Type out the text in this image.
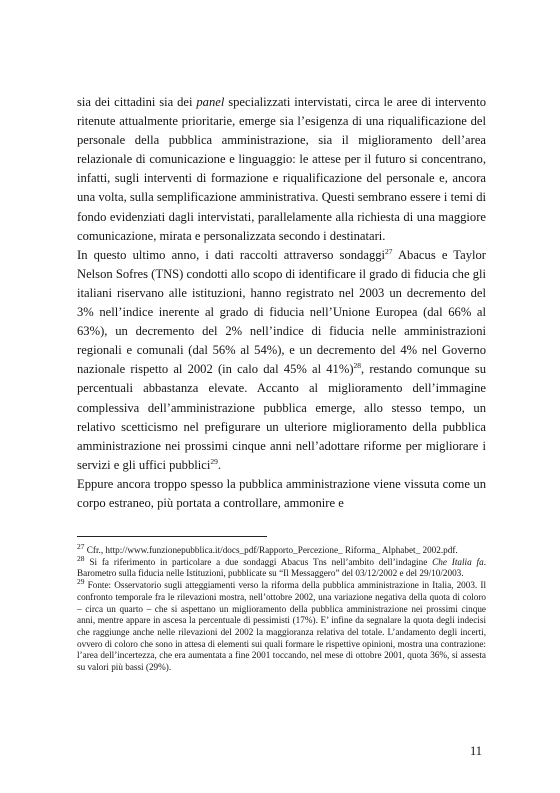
sia dei cittadini sia dei panel specializzati intervistati, circa le aree di intervento ritenute attualmente prioritarie, emerge sia l’esigenza di una riqualificazione del personale della pubblica amministrazione, sia il miglioramento dell’area relazionale di comunicazione e linguaggio: le attese per il futuro si concentrano, infatti, sugli interventi di formazione e riqualificazione del personale e, ancora una volta, sulla semplificazione amministrativa. Questi sembrano essere i temi di fondo evidenziati dagli intervistati, parallelamente alla richiesta di una maggiore comunicazione, mirata e personalizzata secondo i destinatari.

In questo ultimo anno, i dati raccolti attraverso sondaggi$^{27}$ Abacus e Taylor Nelson Sofres (TNS) condotti allo scopo di identificare il grado di fiducia che gli italiani riservano alle istituzioni, hanno registrato nel 2003 un decremento del 3% nell’indice inerente al grado di fiducia nell’Unione Europea (dal 66% al 63%), un decremento del 2% nell’indice di fiducia nelle amministrazioni regionali e comunali (dal 56% al 54%), e un decremento del 4% nel Governo nazionale rispetto al 2002 (in calo dal 45% al 41%)$^{28}$, restando comunque su percentuali abbastanza elevate. Accanto al miglioramento dell’immagine complessiva dell’amministrazione pubblica emerge, allo stesso tempo, un relativo scetticismo nel prefigurare un ulteriore miglioramento della pubblica amministrazione nei prossimi cinque anni nell’adottare riforme per migliorare i servizi e gli uffici pubblici$^{29}$.

Eppure ancora troppo spesso la pubblica amministrazione viene vissuta come un corpo estraneo, più portata a controllare, ammonire e

$^{27}$ Cfr., http://www.funzionepubblica.it/docs_pdf/Rapporto_Percezione_ Riforma_ Alphabet_ 2002.pdf.

$^{28}$ Si fa riferimento in particolare a due sondaggi Abacus Tns nell’ambito dell’indagine Che Italia fa. Barometro sulla fiducia nelle Istituzioni, pubblicate su “Il Messaggero” del 03/12/2002 e del 29/10/2003.

$^{29}$ Fonte: Osservatorio sugli atteggiamenti verso la riforma della pubblica amministrazione in Italia, 2003. Il confronto temporale fra le rilevazioni mostra, nell’ottobre 2002, una variazione negativa della quota di coloro – circa un quarto – che si aspettano un miglioramento della pubblica amministrazione nei prossimi cinque anni, mentre appare in ascesa la percentuale di pessimisti (17%). E’ infine da segnalare la quota degli indecisi che raggiunge anche nelle rilevazioni del 2002 la maggioranza relativa del totale. L’andamento degli incerti, ovvero di coloro che sono in attesa di elementi sui quali formare le rispettive opinioni, mostra una contrazione: l’area dell’incertezza, che era aumentata a fine 2001 toccando, nel mese di ottobre 2001, quota 36%, si assesta su valori più bassi (29%).

11
